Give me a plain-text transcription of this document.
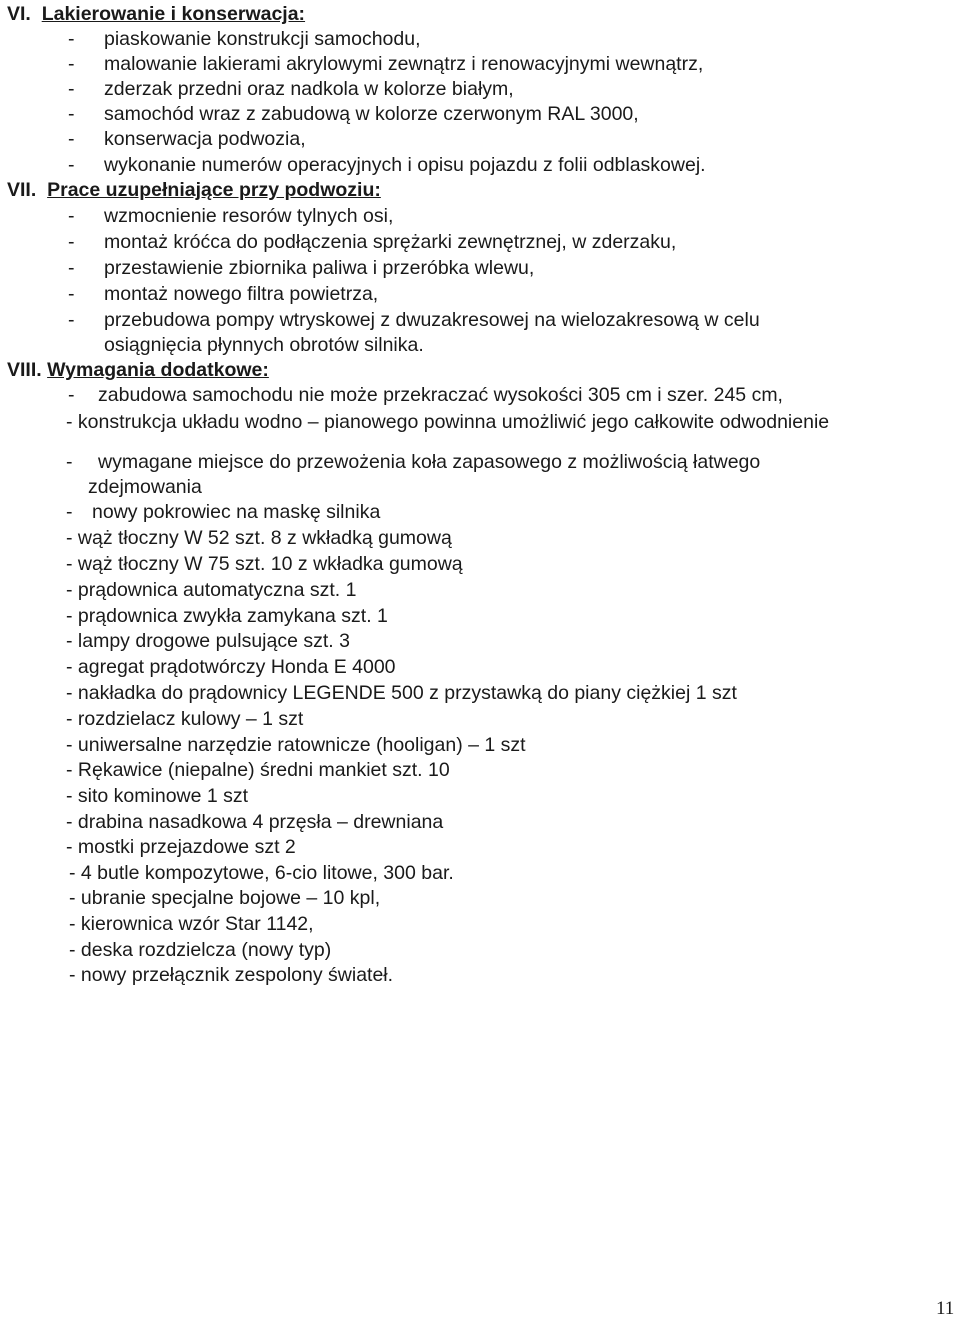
VI. Lakierowanie i konserwacja:
- piaskowanie konstrukcji samochodu,
- malowanie lakierami akrylowymi zewnątrz i renowacyjnymi wewnątrz,
- zderzak przedni oraz nadkola w kolorze białym,
- samochód wraz z zabudową w kolorze czerwonym RAL 3000,
- konserwacja podwozia,
- wykonanie numerów operacyjnych i opisu pojazdu z folii odblaskowej.
VII. Prace uzupełniające przy podwoziu:
- wzmocnienie resorów tylnych osi,
- montaż króćca do podłączenia sprężarki zewnętrznej, w zderzaku,
- przestawienie zbiornika paliwa i przeróbka wlewu,
- montaż nowego filtra powietrza,
- przebudowa pompy wtryskowej z dwuzakresowej na wielozakresową w celu
osiągnięcia płynnych obrotów silnika.
VIII. Wymagania dodatkowe:
- zabudowa samochodu nie może przekraczać wysokości 305 cm i szer. 245 cm,
- konstrukcja układu wodno – pianowego powinna umożliwić jego całkowite odwodnienie
- wymagane miejsce do przewożenia koła zapasowego z możliwością łatwego
zdejmowania
- nowy pokrowiec na maskę silnika
- wąż tłoczny W 52 szt. 8 z wkładką gumową
- wąż tłoczny W 75 szt. 10 z wkładka gumową
- prądownica automatyczna szt. 1
- prądownica zwykła zamykana szt. 1
- lampy drogowe pulsujące szt. 3
- agregat prądotwórczy Honda E 4000
- nakładka do prądownicy LEGENDE 500 z przystawką do piany ciężkiej 1 szt
- rozdzielacz kulowy – 1 szt
- uniwersalne narzędzie ratownicze (hooligan) – 1 szt
- Rękawice (niepalne) średni mankiet szt. 10
- sito kominowe 1 szt
- drabina nasadkowa 4 przęsła – drewniana
- mostki przejazdowe szt 2
- 4 butle kompozytowe, 6-cio litowe, 300 bar.
- ubranie specjalne bojowe – 10 kpl,
- kierownica wzór Star 1142,
- deska rozdzielcza (nowy typ)
- nowy przełącznik zespolony świateł.
11
